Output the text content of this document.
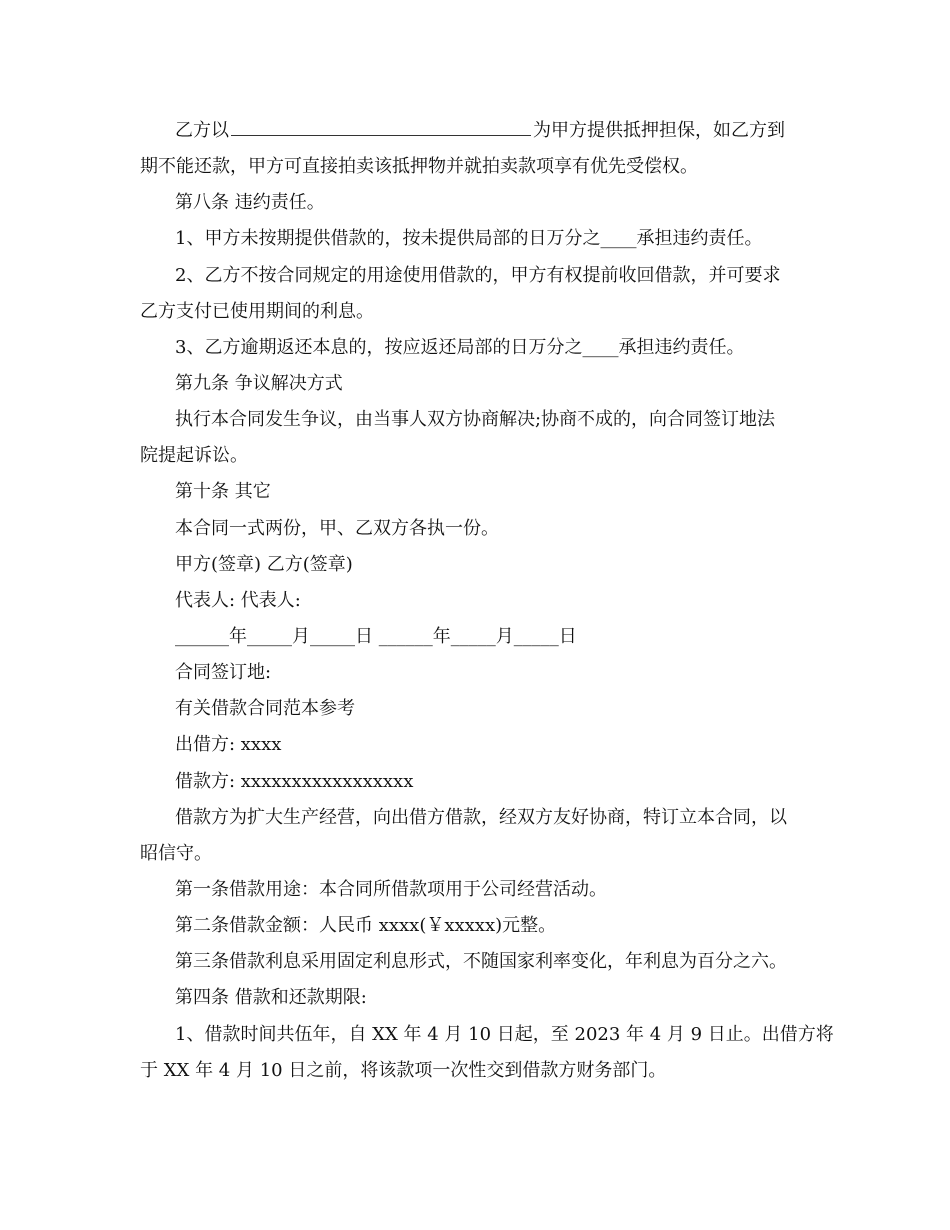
乙方以	为甲方提供抵押担保，如乙方到
期不能还款，甲方可直接拍卖该抵押物并就拍卖款项享有优先受偿权。
第八条 违约责任。
1、甲方未按期提供借款的，按未提供局部的日万分之____承担违约责任。
2、乙方不按合同规定的用途使用借款的，甲方有权提前收回借款，并可要求
乙方支付已使用期间的利息。
3、乙方逾期返还本息的，按应返还局部的日万分之____承担违约责任。
第九条 争议解决方式
执行本合同发生争议，由当事人双方协商解决;协商不成的，向合同签订地法
院提起诉讼。
第十条 其它
本合同一式两份，甲、乙双方各执一份。
甲方(签章) 乙方(签章)
代表人: 代表人:
______年_____月_____日 ______年_____月_____日
合同签订地:
有关借款合同范本参考
出借方: xxxx
借款方: xxxxxxxxxxxxxxxxx
借款方为扩大生产经营，向出借方借款，经双方友好协商，特订立本合同，以
昭信守。
第一条借款用途：本合同所借款项用于公司经营活动。
第二条借款金额：人民币 xxxx(￥xxxxx)元整。
第三条借款利息采用固定利息形式，不随国家利率变化，年利息为百分之六。
第四条 借款和还款期限:
1、借款时间共伍年，自 XX 年 4 月 10 日起，至 2023 年 4 月 9 日止。出借方将
于 XX 年 4 月 10 日之前，将该款项一次性交到借款方财务部门。
